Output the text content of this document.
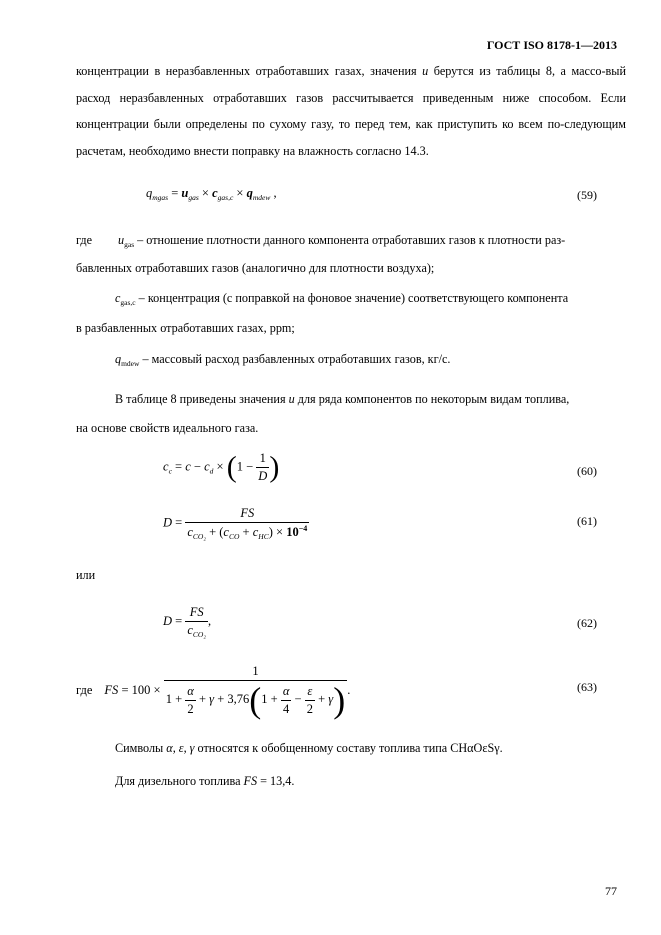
ГОСТ ISO 8178-1—2013
концентрации в неразбавленных отработавших газах, значения u берутся из таблицы 8, а массо-вый расход неразбавленных отработавших газов рассчитывается приведенным ниже способом. Если концентрации были определены по сухому газу, то перед тем, как приступить ко всем по-следующим расчетам, необходимо внести поправку на влажность согласно 14.3.
$q_{mgas} = u_{gas} \times c_{gas,c} \times q_{mdew}$ ,	(59)
где $u_{gas}$ – отношение плотности данного компонента отработавших газов к плотности раз-
бавленных отработавших газов (аналогично для плотности воздуха);
$c_{gas,c}$ – концентрация (с поправкой на фоновое значение) соответствующего компонента
в разбавленных отработавших газах, ppm;
$q_{mdew}$ – массовый расход разбавленных отработавших газов, кг/с.
В таблице 8 приведены значения u для ряда компонентов по некоторым видам топлива,
на основе свойств идеального газа.
$c_c = c - c_d \times (1 - \frac{1}{D}$ )	(60)
$D = \frac{FS}{c_{CO_2} + (c_{CO} + c_{HC}) \times 10^{-4}}$	(61)
или
$D = \frac{FS}{c_{CO_2}}$ ,	(62)
где FS = $100 \times \frac{1}{1 + \frac{\alpha}{2} + \gamma + 3,76(1 + \frac{\alpha}{4} - \frac{\varepsilon}{2} + \gamma)}$ .	(63)
Символы α, ε, γ относятся к обобщенному составу топлива типа CHαOεSγ.
Для дизельного топлива FS = 13,4.
77
